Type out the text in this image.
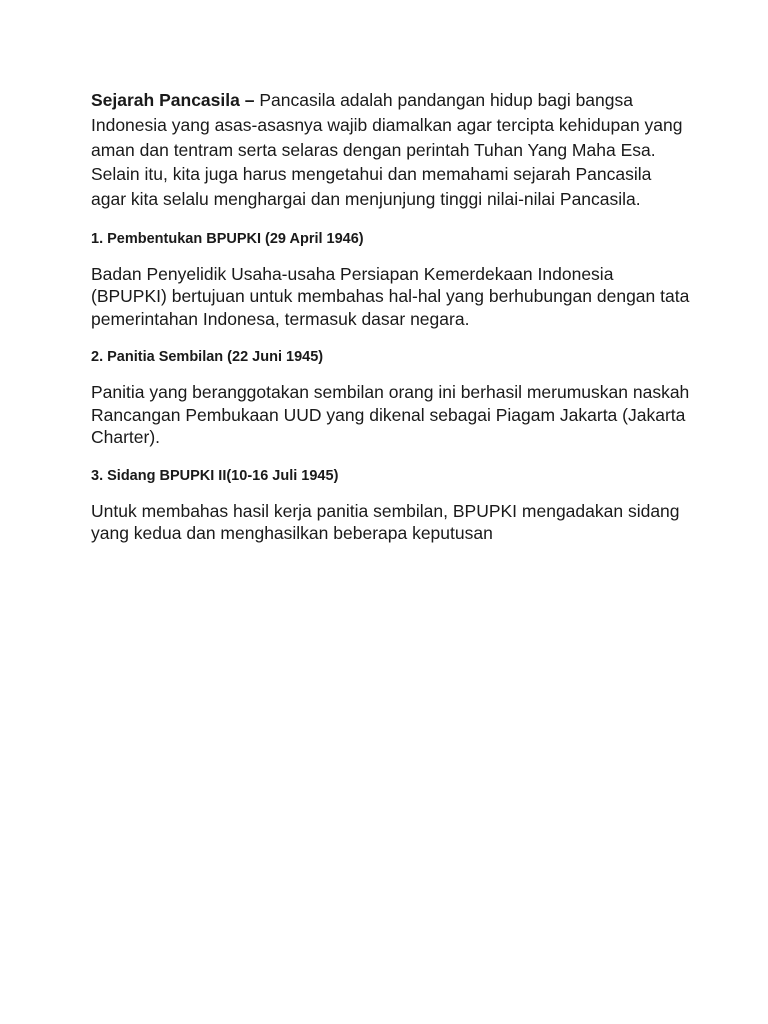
Sejarah Pancasila – Pancasila adalah pandangan hidup bagi bangsa Indonesia yang asas-asasnya wajib diamalkan agar tercipta kehidupan yang aman dan tentram serta selaras dengan perintah Tuhan Yang Maha Esa. Selain itu, kita juga harus mengetahui dan memahami sejarah Pancasila agar kita selalu menghargai dan menjunjung tinggi nilai-nilai Pancasila.

1. Pembentukan BPUPKI (29 April 1946)

Badan Penyelidik Usaha-usaha Persiapan Kemerdekaan Indonesia (BPUPKI) bertujuan untuk membahas hal-hal yang berhubungan dengan tata pemerintahan Indonesa, termasuk dasar negara.

2. Panitia Sembilan (22 Juni 1945)

Panitia yang beranggotakan sembilan orang ini berhasil merumuskan naskah Rancangan Pembukaan UUD yang dikenal sebagai Piagam Jakarta (Jakarta Charter).

3. Sidang BPUPKI II(10-16 Juli 1945)

Untuk membahas hasil kerja panitia sembilan, BPUPKI mengadakan sidang yang kedua dan menghasilkan beberapa keputusan
